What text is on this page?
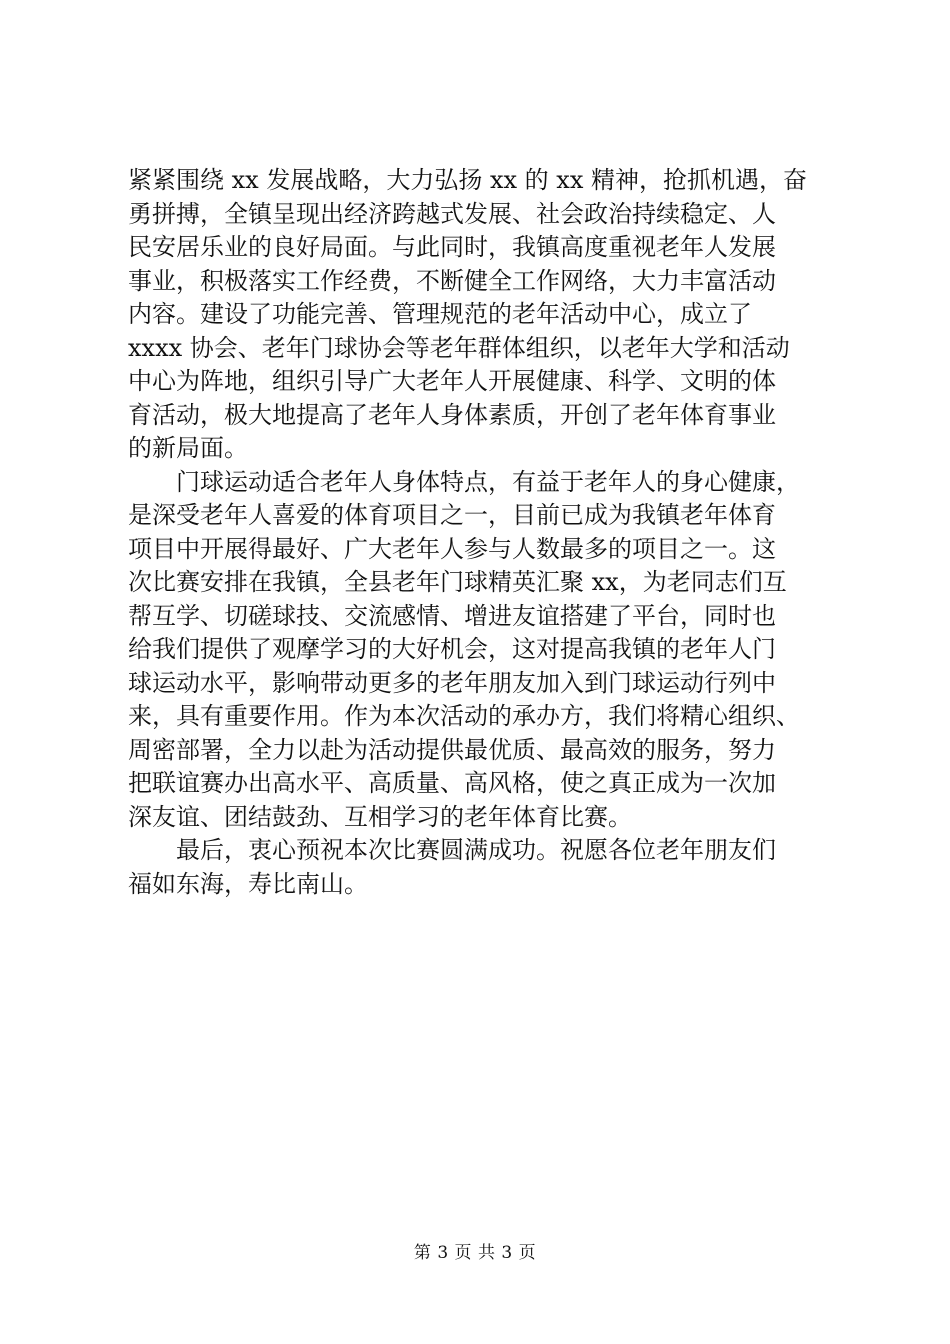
紧紧围绕 xx 发展战略，大力弘扬 xx 的 xx 精神，抢抓机遇，奋
勇拼搏，全镇呈现出经济跨越式发展、社会政治持续稳定、人
民安居乐业的良好局面。与此同时，我镇高度重视老年人发展
事业，积极落实工作经费，不断健全工作网络，大力丰富活动
内容。建设了功能完善、管理规范的老年活动中心，成立了
xxxx 协会、老年门球协会等老年群体组织，以老年大学和活动
中心为阵地，组织引导广大老年人开展健康、科学、文明的体
育活动，极大地提高了老年人身体素质，开创了老年体育事业
的新局面。
　　门球运动适合老年人身体特点，有益于老年人的身心健康，
是深受老年人喜爱的体育项目之一，目前已成为我镇老年体育
项目中开展得最好、广大老年人参与人数最多的项目之一。这
次比赛安排在我镇，全县老年门球精英汇聚 xx，为老同志们互
帮互学、切磋球技、交流感情、增进友谊搭建了平台，同时也
给我们提供了观摩学习的大好机会，这对提高我镇的老年人门
球运动水平，影响带动更多的老年朋友加入到门球运动行列中
来，具有重要作用。作为本次活动的承办方，我们将精心组织、
周密部署，全力以赴为活动提供最优质、最高效的服务，努力
把联谊赛办出高水平、高质量、高风格，使之真正成为一次加
深友谊、团结鼓劲、互相学习的老年体育比赛。
　　最后，衷心预祝本次比赛圆满成功。祝愿各位老年朋友们
福如东海，寿比南山。
第 3 页 共 3 页
